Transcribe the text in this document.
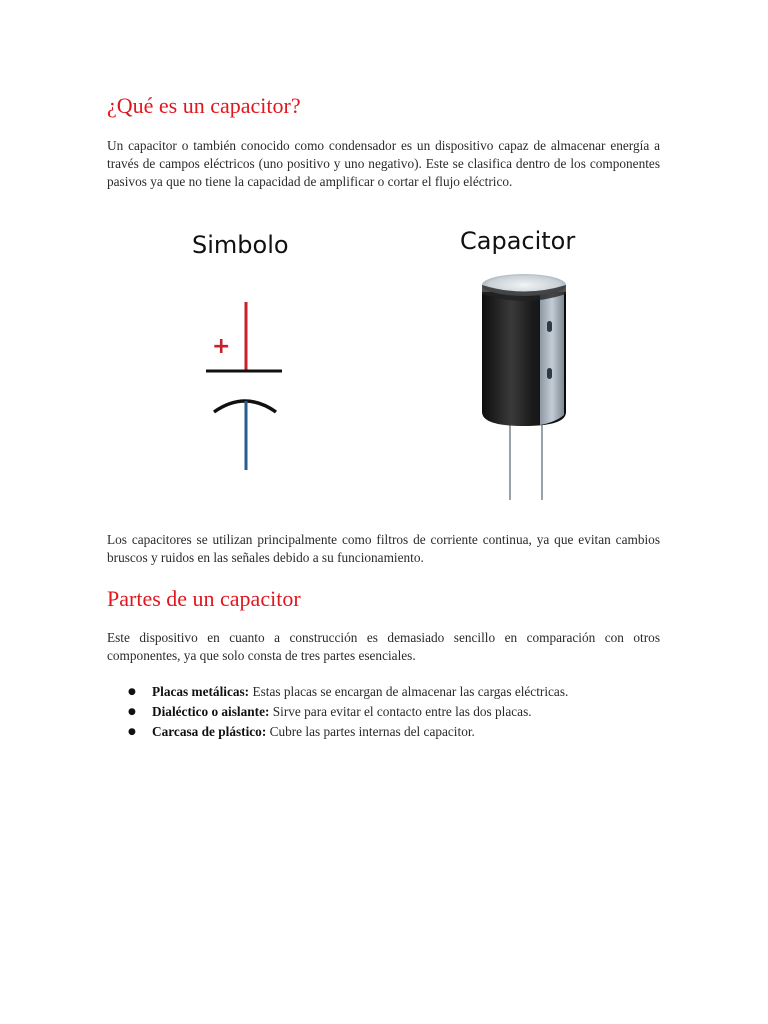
¿Qué es un capacitor?

Un capacitor o también conocido como condensador es un dispositivo capaz de almacenar energía a través de campos eléctricos (uno positivo y uno negativo). Este se clasifica dentro de los componentes pasivos ya que no tiene la capacidad de amplificar o cortar el flujo eléctrico.

Simbolo	Capacitor
+

Los capacitores se utilizan principalmente como filtros de corriente continua, ya que evitan cambios bruscos y ruidos en las señales debido a su funcionamiento.

Partes de un capacitor

Este dispositivo en cuanto a construcción es demasiado sencillo en comparación con otros componentes, ya que solo consta de tres partes esenciales.

● Placas metálicas: Estas placas se encargan de almacenar las cargas eléctricas.
● Dialéctico o aislante: Sirve para evitar el contacto entre las dos placas.
● Carcasa de plástico: Cubre las partes internas del capacitor.
